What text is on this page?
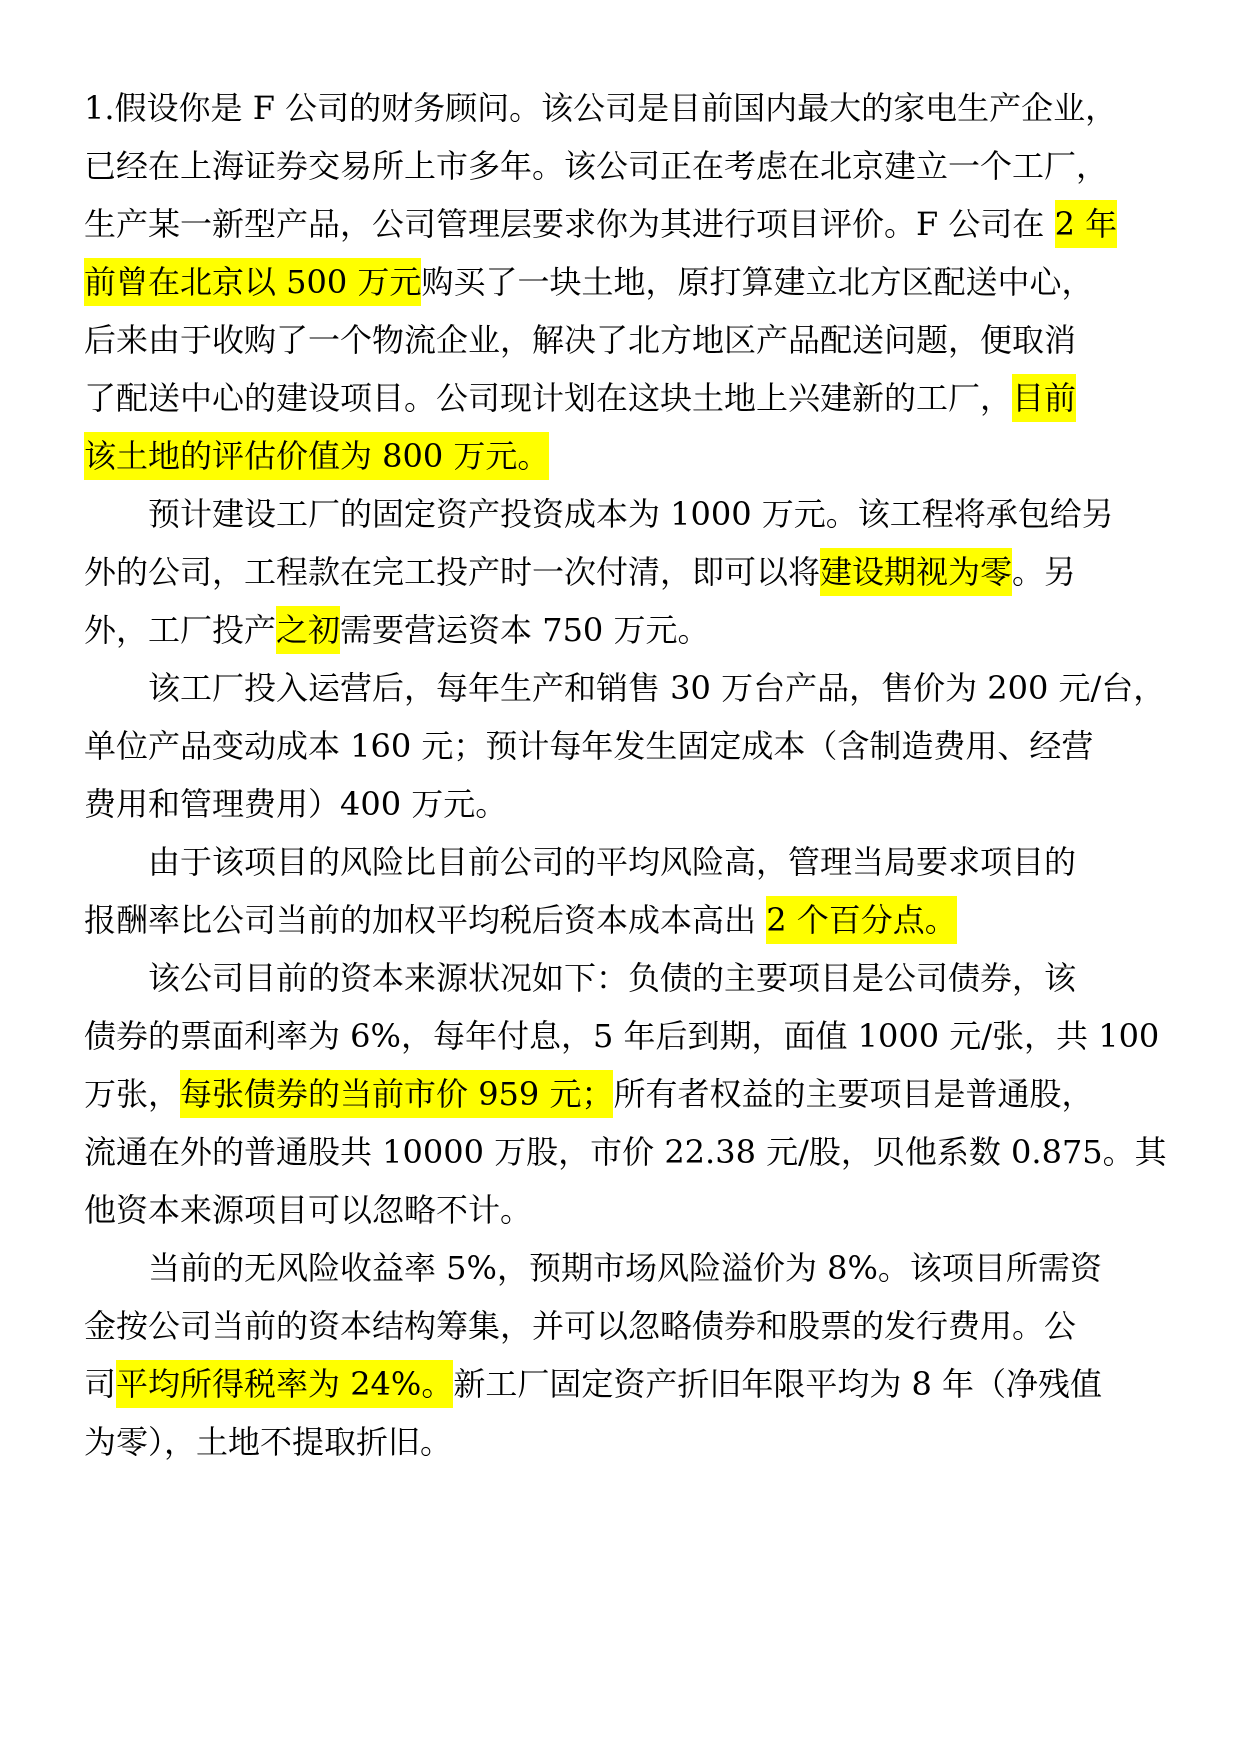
1.假设你是 F 公司的财务顾问。该公司是目前国内最大的家电生产企业，
已经在上海证券交易所上市多年。该公司正在考虑在北京建立一个工厂，
生产某一新型产品，公司管理层要求你为其进行项目评价。F 公司在 2 年
前曾在北京以 500 万元 购买了一块土地，原打算建立北方区配送中心，
后来由于收购了一个物流企业，解决了北方地区产品配送问题，便取消
了配送中心的建设项目。公司现计划在这块土地上兴建新的工厂， 目前
该土地的评估价值为 800 万元。
预计建设工厂的固定资产投资成本为 1000 万元。该工程将承包给另
外的公司，工程款在完工投产时一次付清，即可以将 建设期视为零 。另
外，工厂投产 之初 需要营运资本 750 万元。
该工厂投入运营后，每年生产和销售 30 万台产品，售价为 200 元/台，
单位产品变动成本 160 元；预计每年发生固定成本（含制造费用、经营
费用和管理费用）400 万元。
由于该项目的风险比目前公司的平均风险高，管理当局要求项目的
报酬率比公司当前的加权平均税后资本成本高出 2 个百分点。
该公司目前的资本来源状况如下：负债的主要项目是公司债券，该
债券的票面利率为 6%，每年付息，5 年后到期，面值 1000 元/张，共 100
万张， 每张债券的当前市价 959 元； 所有者权益的主要项目是普通股，
流通在外的普通股共 10000 万股，市价 22.38 元/股，贝他系数 0.875。其
他资本来源项目可以忽略不计。
当前的无风险收益率 5%，预期市场风险溢价为 8%。该项目所需资
金按公司当前的资本结构筹集，并可以忽略债券和股票的发行费用。公
司 平均所得税率为 24%。 新工厂固定资产折旧年限平均为 8 年（净残值
为零），土地不提取折旧。
